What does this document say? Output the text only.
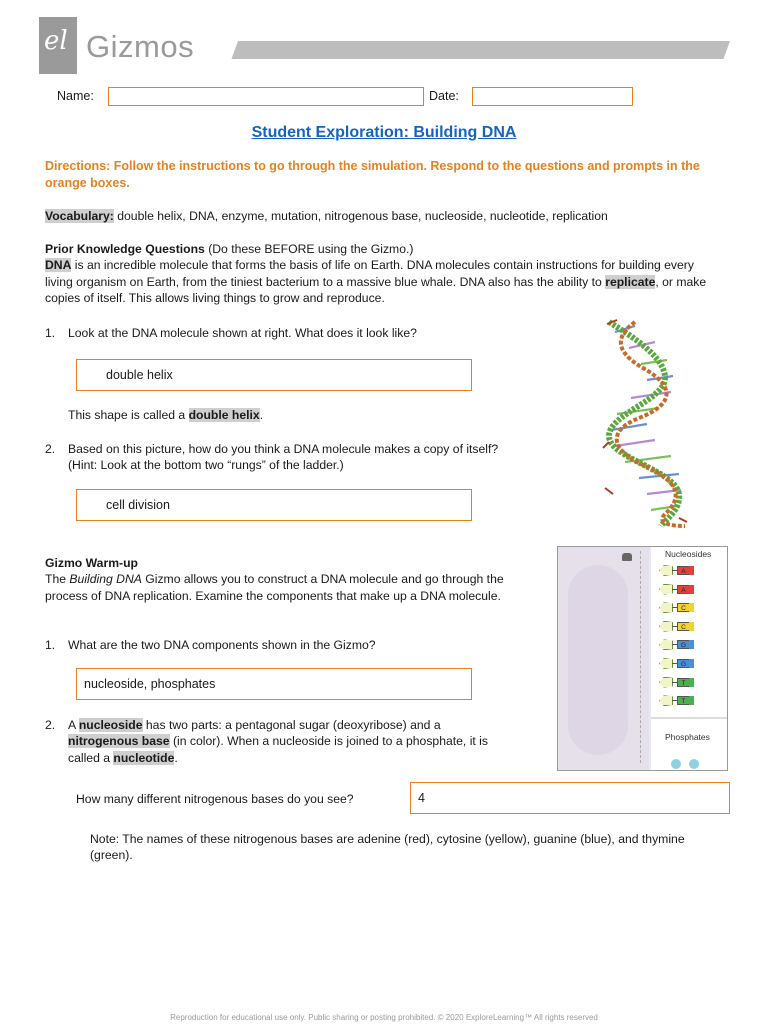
el Gizmos
Name:	Date:
Student Exploration: Building DNA
Directions: Follow the instructions to go through the simulation. Respond to the questions and prompts in the orange boxes.
Vocabulary: double helix, DNA, enzyme, mutation, nitrogenous base, nucleoside, nucleotide, replication
Prior Knowledge Questions (Do these BEFORE using the Gizmo.)
DNA is an incredible molecule that forms the basis of life on Earth. DNA molecules contain instructions for building every living organism on Earth, from the tiniest bacterium to a massive blue whale. DNA also has the ability to replicate, or make copies of itself. This allows living things to grow and reproduce.
1. Look at the DNA molecule shown at right. What does it look like?
double helix
This shape is called a double helix.
2. Based on this picture, how do you think a DNA molecule makes a copy of itself?
(Hint: Look at the bottom two “rungs” of the ladder.)
cell division
Gizmo Warm-up
The Building DNA Gizmo allows you to construct a DNA molecule and go through the process of DNA replication. Examine the components that make up a DNA molecule.
1. What are the two DNA components shown in the Gizmo?
nucleoside, phosphates
2. A nucleoside has two parts: a pentagonal sugar (deoxyribose) and a nitrogenous base (in color). When a nucleoside is joined to a phosphate, it is called a nucleotide.
How many different nitrogenous bases do you see?	4
Note: The names of these nitrogenous bases are adenine (red), cytosine (yellow), guanine (blue), and thymine (green).
Nucleosides
A
A
C
C
G
G
T
T
Phosphates
Reproduction for educational use only. Public sharing or posting prohibited. © 2020 ExploreLearning™ All rights reserved
